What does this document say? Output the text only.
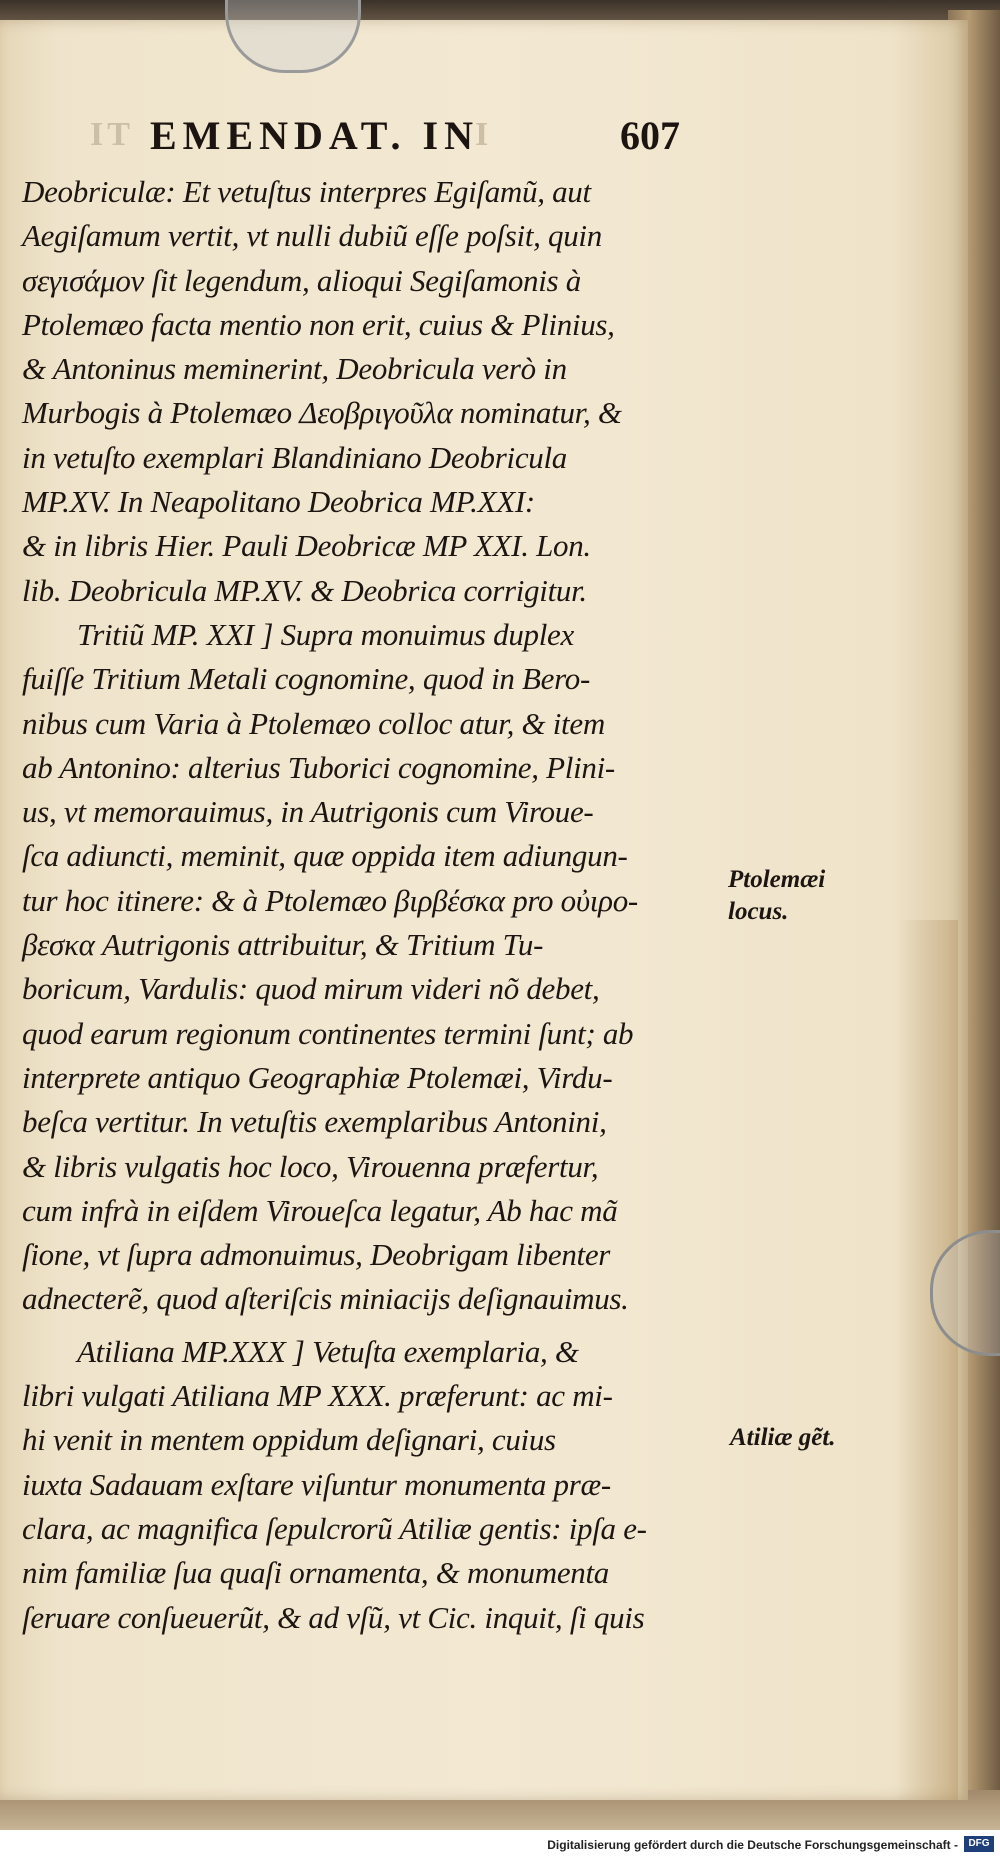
IT	I
EMENDAT. IN	607
Deobriculæ: Et vetuſtus interpres Egiſamũ, aut
Aegiſamum vertit, vt nulli dubiũ eſſe poſsit, quin
σεγισάμον ſit legendum, alioqui Segiſamonis à
Ptolemæo facta mentio non erit, cuius & Plinius,
& Antoninus meminerint, Deobricula verò in
Murbogis à Ptolemæo Δεοβριγοῦλα nominatur, &
in vetuſto exemplari Blandiniano Deobricula
MP.XV. In Neapolitano Deobrica MP.XXI:
& in libris Hier. Pauli Deobricæ MP XXI. Lon.
lib. Deobricula MP.XV. & Deobrica corrigitur.
Tritiũ MP. XXI ] Supra monuimus duplex
fuiſſe Tritium Metali cognomine, quod in Bero-
nibus cum Varia à Ptolemæo colloc atur, & item
ab Antonino: alterius Tuborici cognomine, Plini-
us, vt memorauimus, in Autrigonis cum Viroue-
ſca adiuncti, meminit, quæ oppida item adiungun-
tur hoc itinere: & à Ptolemæo βιρβέσκα pro οὐιρο-
βεσκα Autrigonis attribuitur, & Tritium Tu-
boricum, Vardulis: quod mirum videri nõ debet,
quod earum regionum continentes termini ſunt; ab
interprete antiquo Geographiæ Ptolemæi, Virdu-
beſca vertitur. In vetuſtis exemplaribus Antonini,
& libris vulgatis hoc loco, Virouenna præfertur,
cum infrà in eiſdem Viroueſca legatur, Ab hac mã
ſione, vt ſupra admonuimus, Deobrigam libenter
adnecterẽ, quod aſteriſcis miniacijs deſignauimus.
Atiliana MP.XXX ] Vetuſta exemplaria, &
libri vulgati Atiliana MP XXX. præferunt: ac mi-
hi venit in mentem oppidum deſignari, cuius
iuxta Sadauam exſtare viſuntur monumenta præ-
clara, ac magnifica ſepulcrorũ Atiliæ gentis: ipſa e-
nim familiæ ſua quaſi ornamenta, & monumenta
ſeruare conſueuerũt, & ad vſũ, vt Cic. inquit, ſi quis
Ptolemæi
locus.
Atiliæ gẽt.
Digitalisierung gefördert durch die Deutsche Forschungsgemeinschaft -	DFG
